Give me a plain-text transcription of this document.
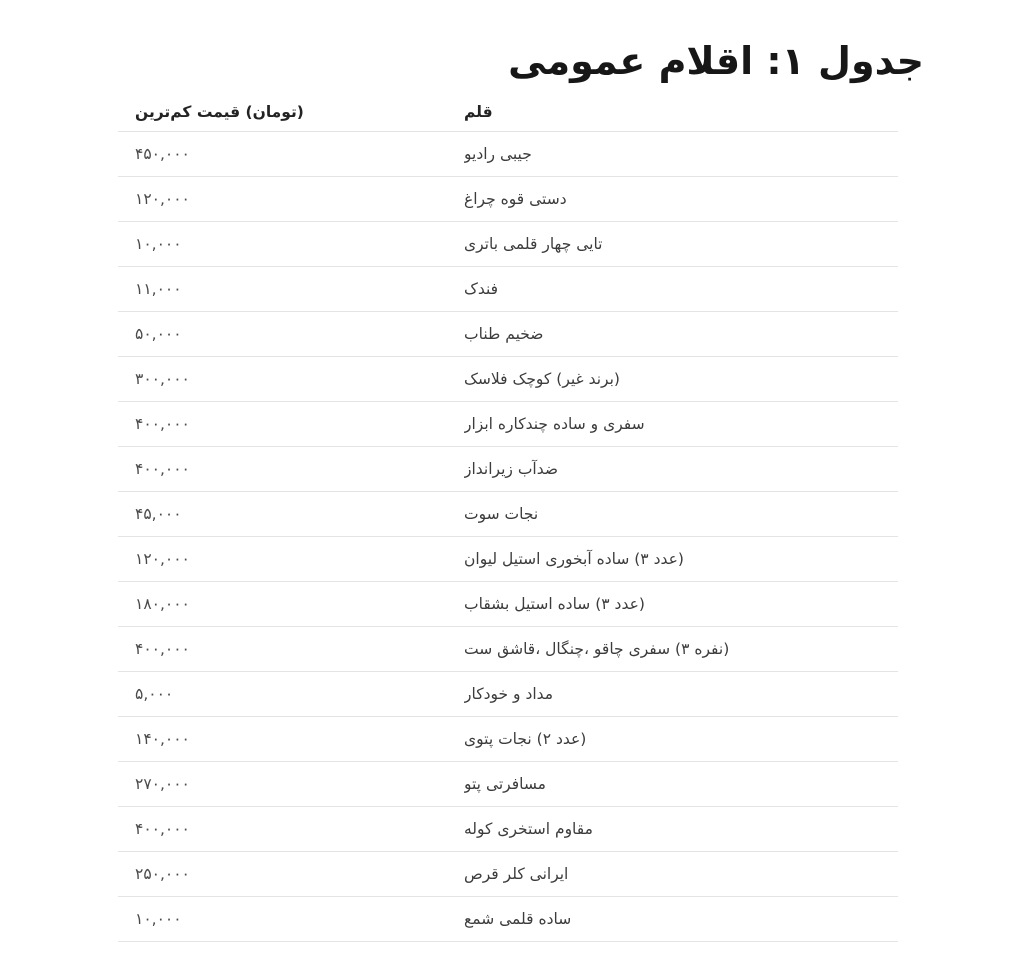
جدول ۱: اقلام عمومی
کم‌ترین قیمت (تومان)	قلم
۴۵۰,۰۰۰	رادیو جیبی
۱۲۰,۰۰۰	چراغ قوه دستی
۱۰,۰۰۰	باتری قلمی چهار تایی
۱۱,۰۰۰	فندک
۵۰,۰۰۰	طناب ضخیم
۳۰۰,۰۰۰	فلاسک کوچک (غیر برند)
۴۰۰,۰۰۰	ابزار چندکاره ساده و سفری
۴۰۰,۰۰۰	زیرانداز ضدآب
۴۵,۰۰۰	سوت نجات
۱۲۰,۰۰۰	لیوان استیل آبخوری ساده (۳ عدد)
۱۸۰,۰۰۰	بشقاب استیل ساده (۳ عدد)
۴۰۰,۰۰۰	ست قاشق، چنگال، چاقو سفری (۳ نفره)
۵,۰۰۰	خودکار و مداد
۱۴۰,۰۰۰	پتوی نجات (۲ عدد)
۲۷۰,۰۰۰	پتو مسافرتی
۴۰۰,۰۰۰	کوله استخری مقاوم
۲۵۰,۰۰۰	قرص کلر ایرانی
۱۰,۰۰۰	شمع قلمی ساده
